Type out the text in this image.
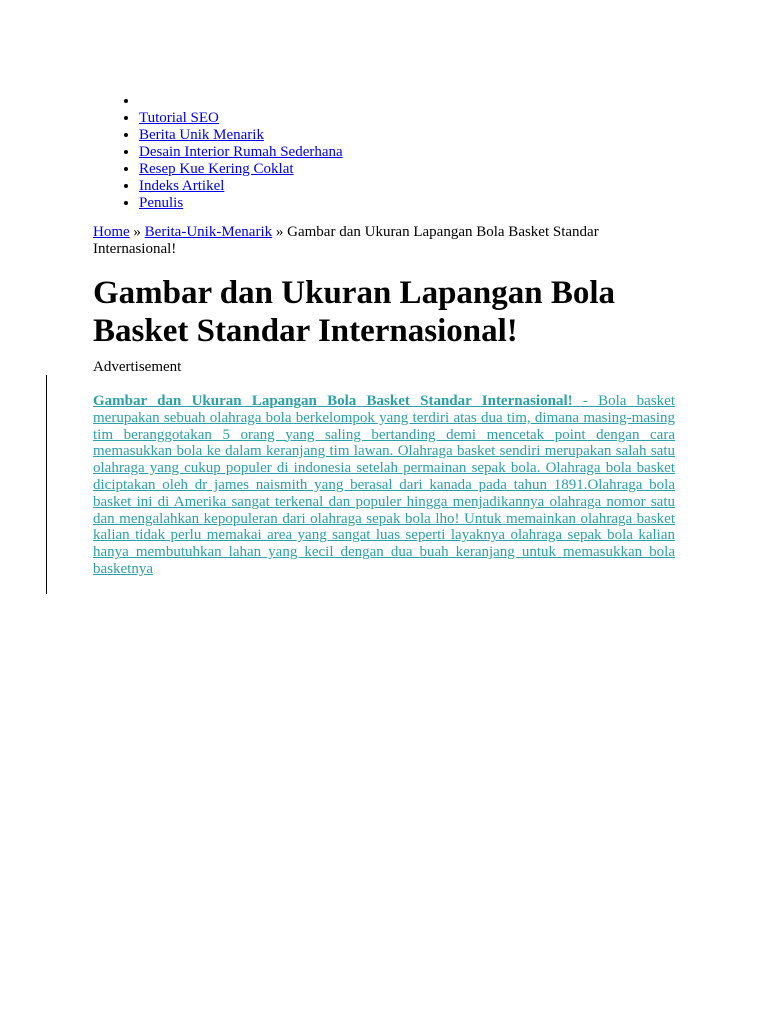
•
• Tutorial SEO
• Berita Unik Menarik
• Desain Interior Rumah Sederhana
• Resep Kue Kering Coklat
• Indeks Artikel
• Penulis
Home » Berita-Unik-Menarik » Gambar dan Ukuran Lapangan Bola Basket Standar Internasional!
Gambar dan Ukuran Lapangan Bola Basket Standar Internasional!
Advertisement

Gambar dan Ukuran Lapangan Bola Basket Standar Internasional! - Bola basket merupakan sebuah olahraga bola berkelompok yang terdiri atas dua tim, dimana masing-masing tim beranggotakan 5 orang yang saling bertanding demi mencetak point dengan cara memasukkan bola ke dalam keranjang tim lawan. Olahraga basket sendiri merupakan salah satu olahraga yang cukup populer di indonesia setelah permainan sepak bola. Olahraga bola basket diciptakan oleh dr james naismith yang berasal dari kanada pada tahun 1891.Olahraga bola basket ini di Amerika sangat terkenal dan populer hingga menjadikannya olahraga nomor satu dan mengalahkan kepopuleran dari olahraga sepak bola lho! Untuk memainkan olahraga basket kalian tidak perlu memakai area yang sangat luas seperti layaknya olahraga sepak bola kalian hanya membutuhkan lahan yang kecil dengan dua buah keranjang untuk memasukkan bola basketnya
